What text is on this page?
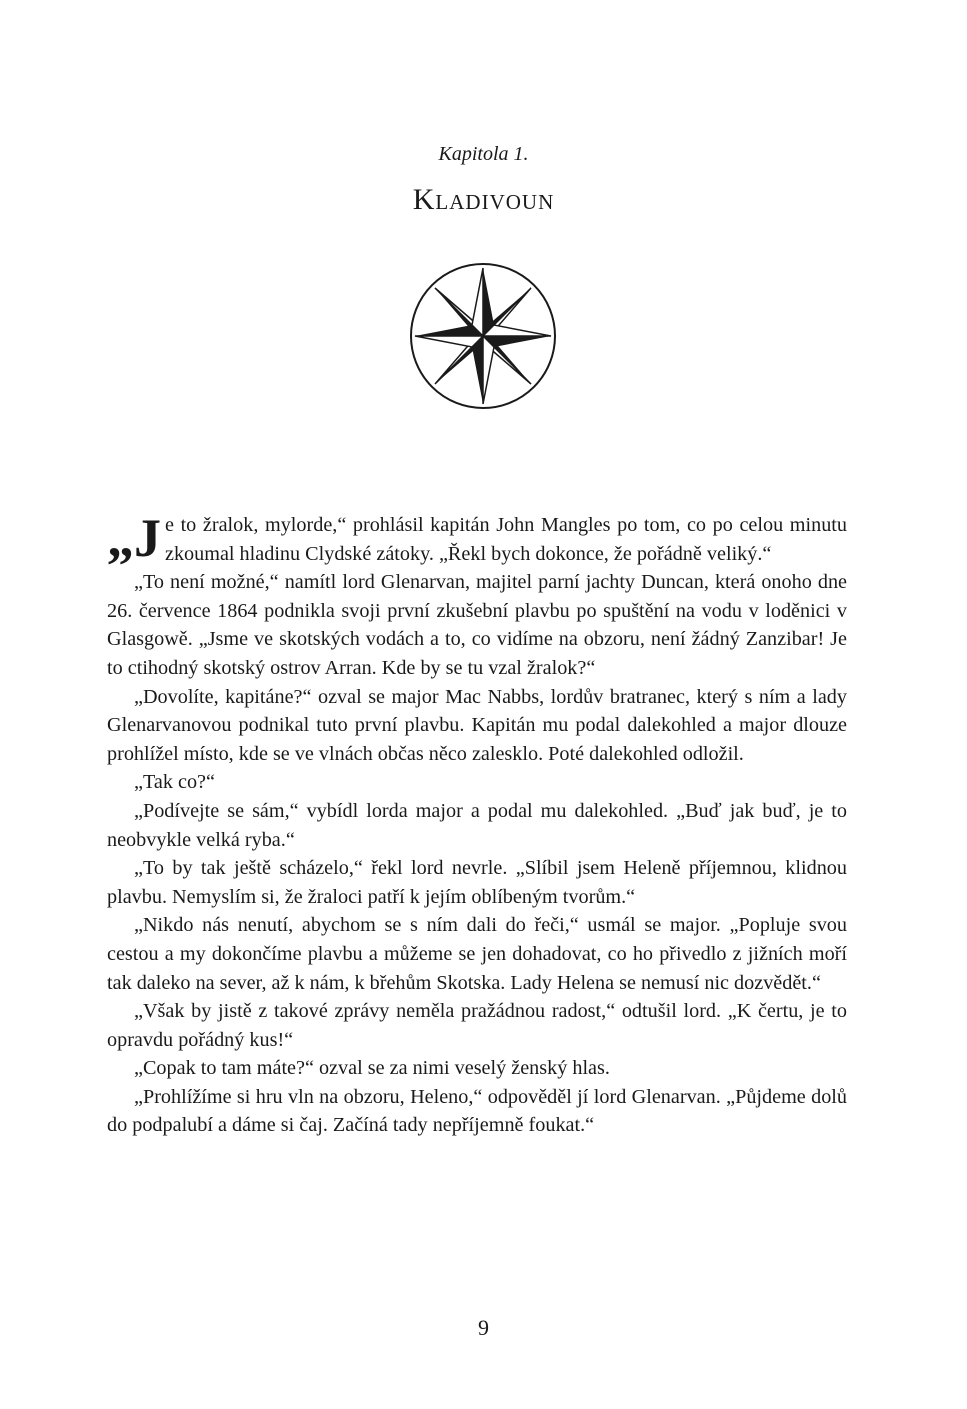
Kapitola 1.
Kladivoun

„Je to žralok, mylorde,“ prohlásil kapitán John Mangles po tom, co po celou minutu zkoumal hladinu Clydské zátoky. „Řekl bych dokonce, že pořádně veliký.“

„To není možné,“ namítl lord Glenarvan, majitel parní jachty Duncan, která onoho dne 26. července 1864 podnikla svoji první zkušební plavbu po spuštění na vodu v loděnici v Glasgowě. „Jsme ve skotských vodách a to, co vidíme na obzoru, není žádný Zanzibar! Je to ctihodný skotský ostrov Arran. Kde by se tu vzal žralok?“

„Dovolíte, kapitáne?“ ozval se major Mac Nabbs, lordův bratranec, který s ním a lady Glenarvanovou podnikal tuto první plavbu. Kapitán mu podal dalekohled a major dlouze prohlížel místo, kde se ve vlnách občas něco zalesklo. Poté dalekohled odložil.

„Tak co?“

„Podívejte se sám,“ vybídl lorda major a podal mu dalekohled. „Buď jak buď, je to neobvykle velká ryba.“

„To by tak ještě scházelo,“ řekl lord nevrle. „Slíbil jsem Heleně příjemnou, klidnou plavbu. Nemyslím si, že žraloci patří k jejím oblíbeným tvorům.“

„Nikdo nás nenutí, abychom se s ním dali do řeči,“ usmál se major. „Popluje svou cestou a my dokončíme plavbu a můžeme se jen dohadovat, co ho přivedlo z jižních moří tak daleko na sever, až k nám, k břehům Skotska. Lady Helena se nemusí nic dozvědět.“

„Však by jistě z takové zprávy neměla pražádnou radost,“ odtušil lord. „K čertu, je to opravdu pořádný kus!“

„Copak to tam máte?“ ozval se za nimi veselý ženský hlas.

„Prohlížíme si hru vln na obzoru, Heleno,“ odpověděl jí lord Glenarvan. „Půjdeme dolů do podpalubí a dáme si čaj. Začíná tady nepříjemně foukat.“

9
